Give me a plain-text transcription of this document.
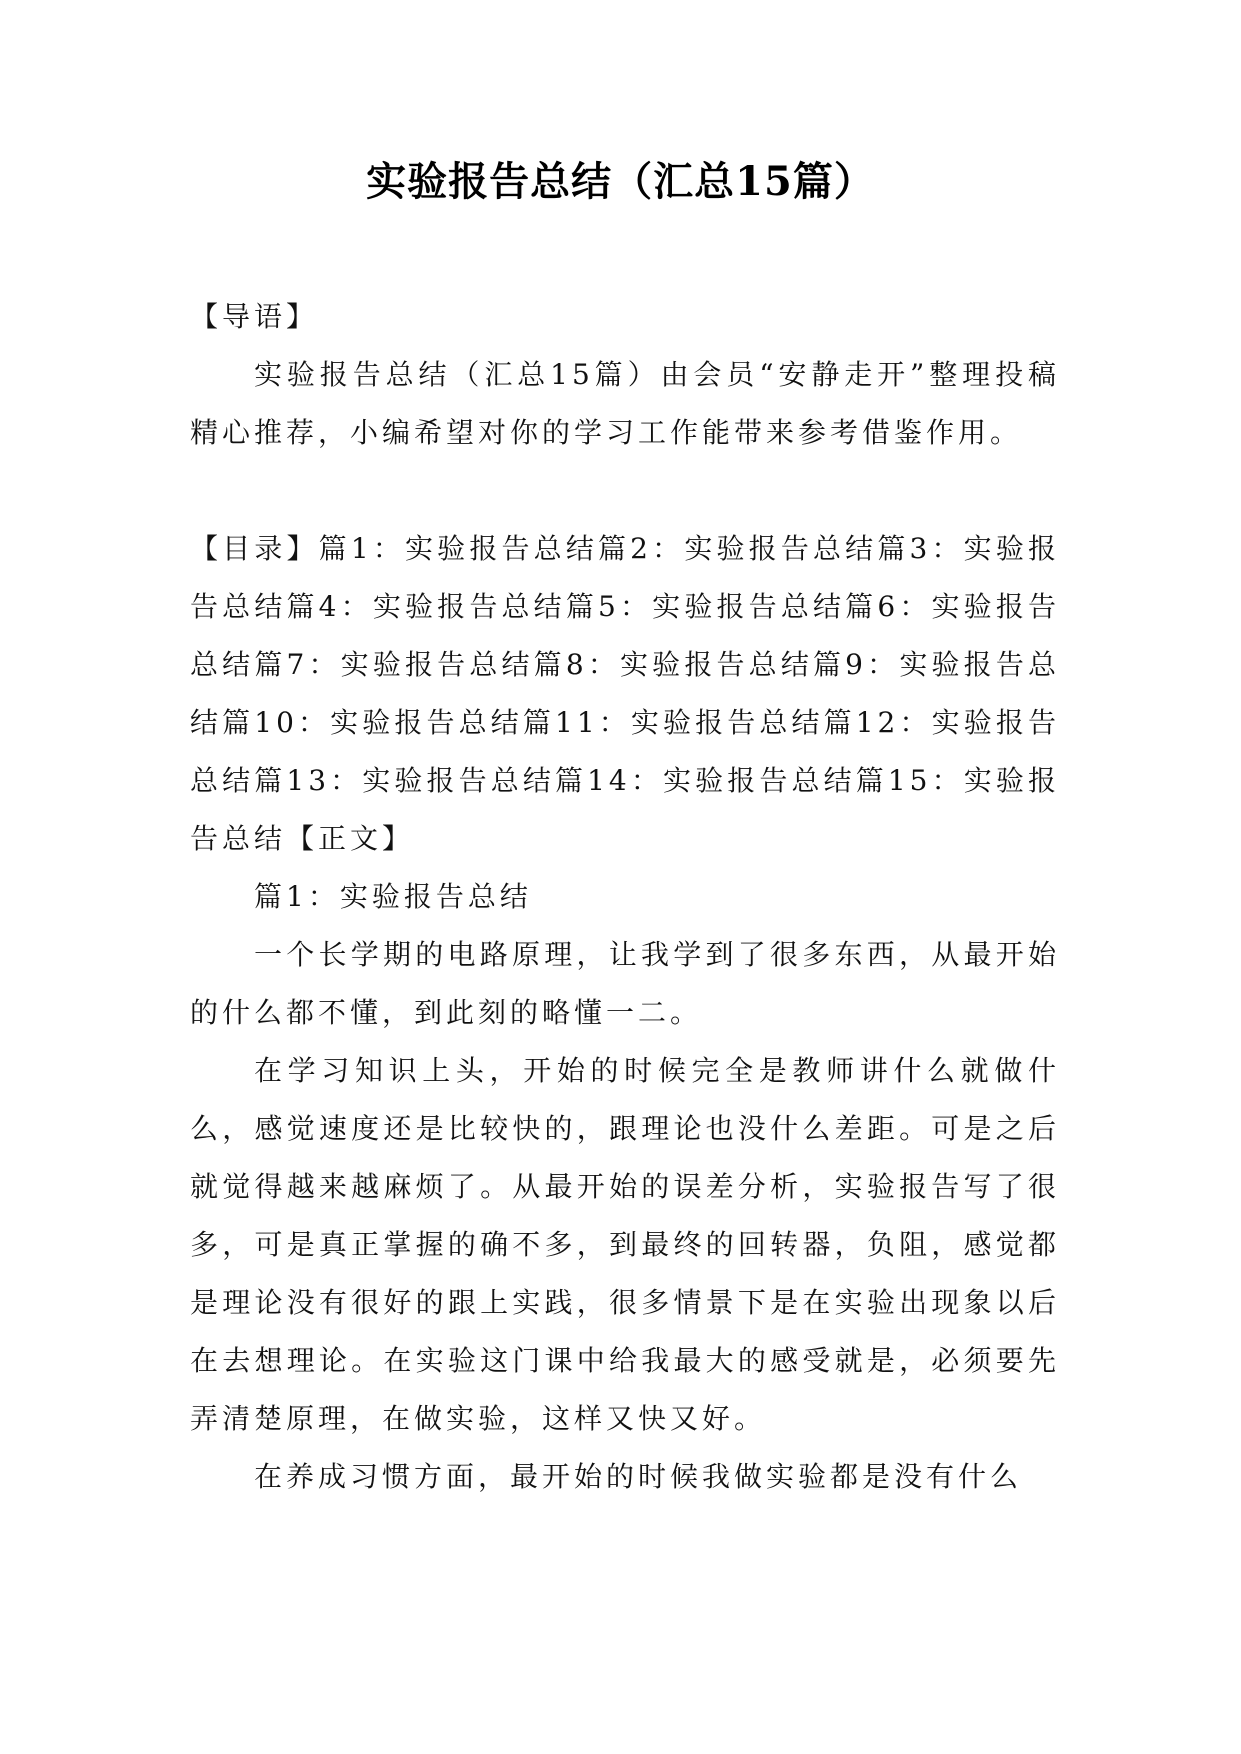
实验报告总结（汇总15篇）

【导语】

实验报告总结（汇总15篇）由会员“安静走开”整理投稿精心推荐，小编希望对你的学习工作能带来参考借鉴作用。

【目录】篇1：实验报告总结篇2：实验报告总结篇3：实验报告总结篇4：实验报告总结篇5：实验报告总结篇6：实验报告总结篇7：实验报告总结篇8：实验报告总结篇9：实验报告总结篇10：实验报告总结篇11：实验报告总结篇12：实验报告总结篇13：实验报告总结篇14：实验报告总结篇15：实验报告总结【正文】

篇1：实验报告总结

一个长学期的电路原理，让我学到了很多东西，从最开始的什么都不懂，到此刻的略懂一二。

在学习知识上头，开始的时候完全是教师讲什么就做什么，感觉速度还是比较快的，跟理论也没什么差距。可是之后就觉得越来越麻烦了。从最开始的误差分析，实验报告写了很多，可是真正掌握的确不多，到最终的回转器，负阻，感觉都是理论没有很好的跟上实践，很多情景下是在实验出现象以后在去想理论。在实验这门课中给我最大的感受就是，必须要先弄清楚原理，在做实验，这样又快又好。

在养成习惯方面，最开始的时候我做实验都是没有什么
